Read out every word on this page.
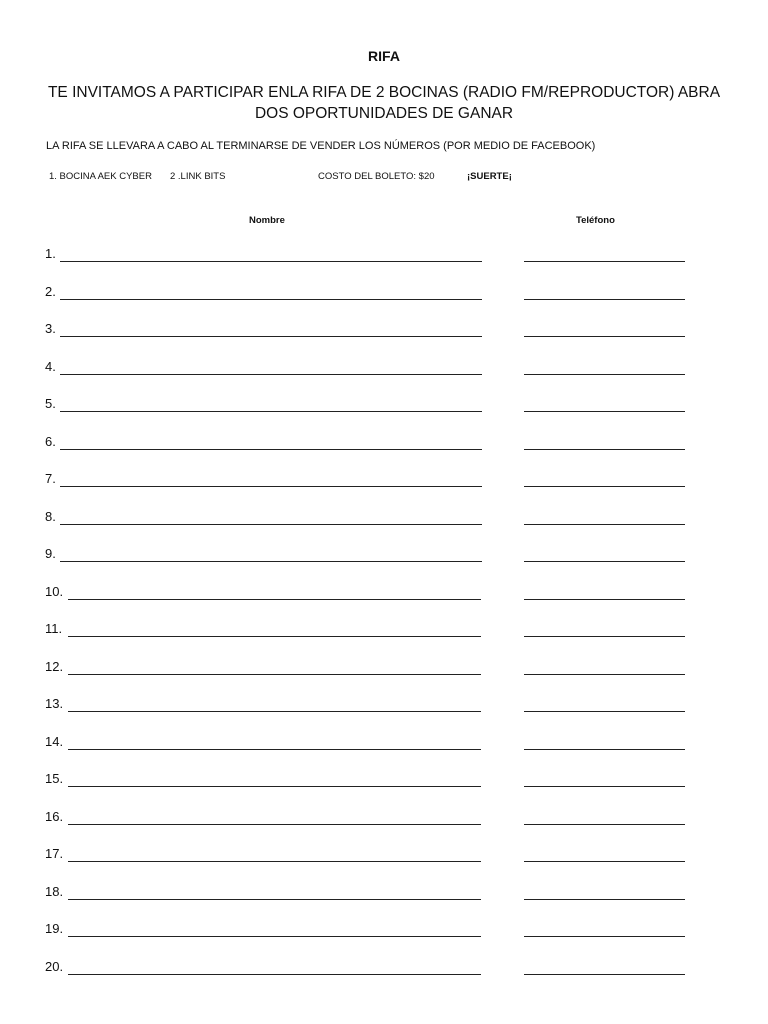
RIFA
TE INVITAMOS A PARTICIPAR ENLA RIFA DE 2 BOCINAS (RADIO FM/REPRODUCTOR) ABRA DOS OPORTUNIDADES DE GANAR
LA RIFA SE LLEVARA A CABO AL TERMINARSE DE VENDER LOS NÚMEROS (POR MEDIO DE FACEBOOK)
1. BOCINA AEK CYBER 2 .LINK BITS	COSTO DEL BOLETO: $20	¡SUERTE¡
Nombre	Teléfono
1.
2.
3.
4.
5.
6.
7.
8.
9.
10.
11.
12.
13.
14.
15.
16.
17.
18.
19.
20.
